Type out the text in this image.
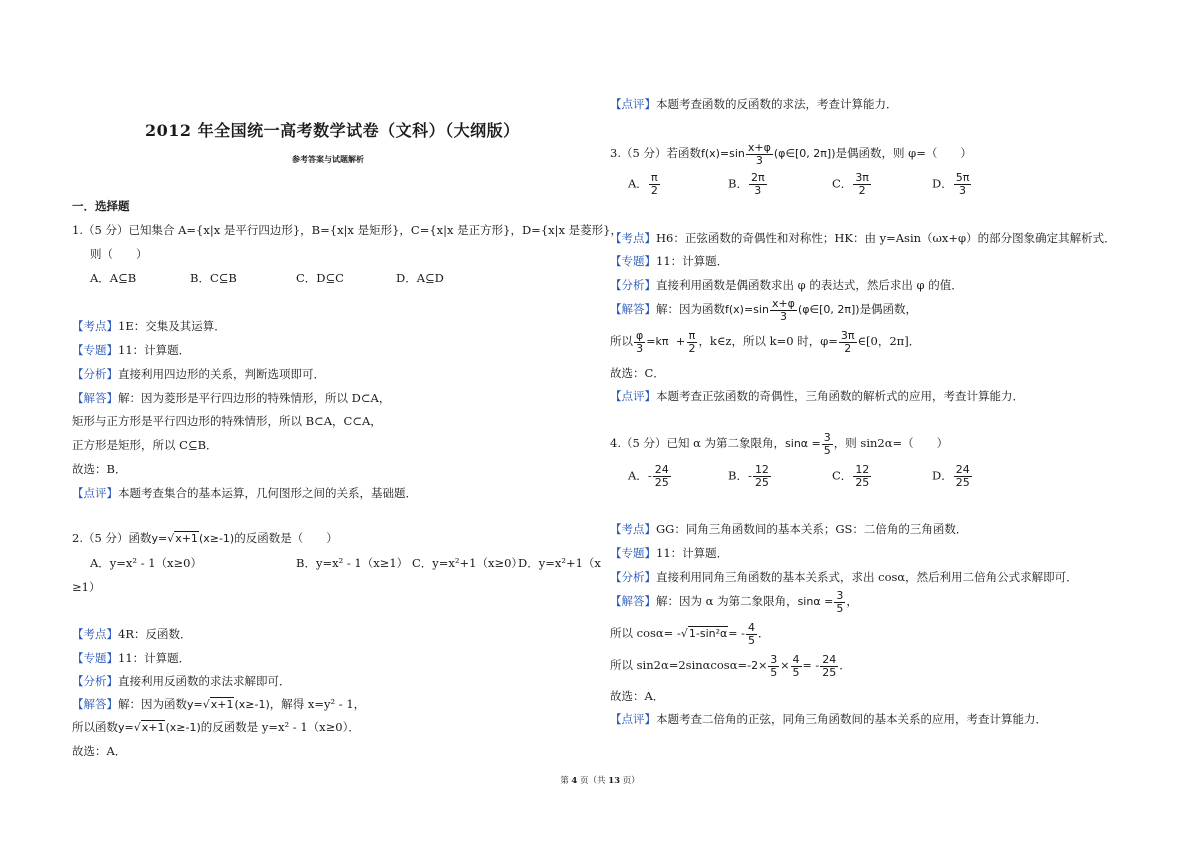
2012 年全国统一高考数学试卷（文科）（大纲版）
参考答案与试题解析
一．选择题
1.（5 分）已知集合 A={x|x 是平行四边形}，B={x|x 是矩形}，C={x|x 是正方形}，D={x|x 是菱形}，
则（　　）
A．A⊆B	B．C⊆B	C．D⊆C	D．A⊆D
【考点】1E：交集及其运算．
【专题】11：计算题．
【分析】直接利用四边形的关系，判断选项即可．
【解答】解：因为菱形是平行四边形的特殊情形，所以 D⊂A，
矩形与正方形是平行四边形的特殊情形，所以 B⊂A，C⊂A，
正方形是矩形，所以 C⊆B．
故选：B．
【点评】本题考查集合的基本运算，几何图形之间的关系，基础题．
2.（5 分）函数y=√x+1(x≥-1)的反函数是（　　）
A．y=x² - 1（x≥0）	B．y=x² - 1（x≥1） C．y=x²+1（x≥0）
D．y=x²+1（x
≥1）
【考点】4R：反函数．
【专题】11：计算题．
【分析】直接利用反函数的求法求解即可．
【解答】解：因为函数y=√x+1(x≥-1)，解得 x=y² - 1，
所以函数y=√x+1(x≥-1)的反函数是 y=x² - 1（x≥0）．
故选：A．
【点评】本题考查函数的反函数的求法，考查计算能力．
3.（5 分）若函数$f(x)=\sin \frac{x+\varphi}{3}$ (φ∈[0, 2π])是偶函数，则 φ=（　　）
A． $\frac{\pi}{2}$	B． $\frac{2\pi}{3}$	C． $\frac{3\pi}{2}$	D． $\frac{5\pi}{3}$
【考点】H6：正弦函数的奇偶性和对称性；HK：由 y=Asin（ωx+φ）的部分图象确定其解析式．
【专题】11：计算题．
【分析】直接利用函数是偶函数求出 φ 的表达式，然后求出 φ 的值．
【解答】解：因为函数$f(x)=\sin \frac{x+\varphi}{3}$ (φ∈[0, 2π])是偶函数，
所以 $\frac{\varphi}{3} =k\pi + \frac{\pi}{2}$ ，k∈z，所以 k=0 时，$\varphi= \frac{3\pi}{2}$ ∈[0，2π]．
故选：C．
【点评】本题考查正弦函数的奇偶性，三角函数的解析式的应用，考查计算能力．
4.（5 分）已知 α 为第二象限角，$\sin\alpha = \frac{3}{5}$ ，则 sin2α=（　　）
A．- $\frac{24}{25}$	B．- $\frac{12}{25}$	C． $\frac{12}{25}$	D． $\frac{24}{25}$
【考点】GG：同角三角函数间的基本关系；GS：二倍角的三角函数．
【专题】11：计算题．
【分析】直接利用同角三角函数的基本关系式，求出 cosα，然后利用二倍角公式求解即可．
【解答】解：因为 α 为第二象限角，$\sin\alpha = \frac{3}{5}$ ，
所以 $\cos\alpha= -√1-\sin^2\alpha= - \frac{4}{5}$ ．
所以 $\sin 2\alpha=2\sin\alpha\cos\alpha=-2\times \frac{3}{5} \times \frac{4}{5}$ = - $\frac{24}{25}$ ．
故选：A．
【点评】本题考查二倍角的正弦，同角三角函数间的基本关系的应用，考查计算能力．
第 4 页（共 13 页）
